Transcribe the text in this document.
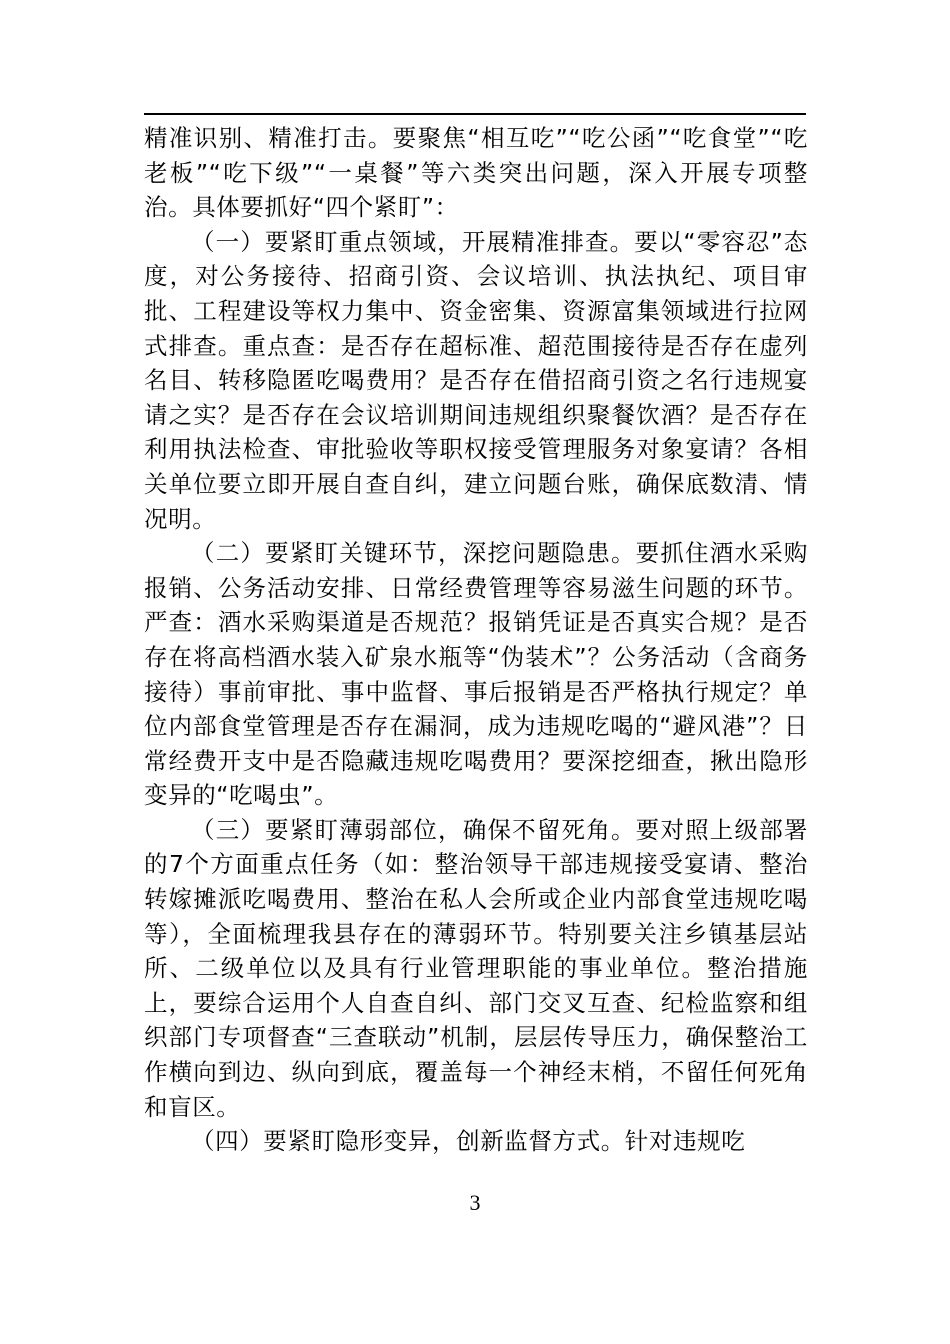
精准识别、精准打击。要聚焦“相互吃”“吃公函”“吃食堂”“吃老板”“吃下级”“一桌餐”等六类突出问题，深入开展专项整治。具体要抓好“四个紧盯”：

（一）要紧盯重点领域，开展精准排查。要以“零容忍”态度，对公务接待、招商引资、会议培训、执法执纪、项目审批、工程建设等权力集中、资金密集、资源富集领域进行拉网式排查。重点查：是否存在超标准、超范围接待是否存在虚列名目、转移隐匿吃喝费用？是否存在借招商引资之名行违规宴请之实？是否存在会议培训期间违规组织聚餐饮酒？是否存在利用执法检查、审批验收等职权接受管理服务对象宴请？各相关单位要立即开展自查自纠，建立问题台账，确保底数清、情况明。

（二）要紧盯关键环节，深挖问题隐患。要抓住酒水采购报销、公务活动安排、日常经费管理等容易滋生问题的环节。严查：酒水采购渠道是否规范？报销凭证是否真实合规？是否存在将高档酒水装入矿泉水瓶等“伪装术”？公务活动（含商务接待）事前审批、事中监督、事后报销是否严格执行规定？单位内部食堂管理是否存在漏洞，成为违规吃喝的“避风港”？日常经费开支中是否隐藏违规吃喝费用？要深挖细查，揪出隐形变异的“吃喝虫”。

（三）要紧盯薄弱部位，确保不留死角。要对照上级部署的7个方面重点任务（如：整治领导干部违规接受宴请、整治转嫁摊派吃喝费用、整治在私人会所或企业内部食堂违规吃喝等），全面梳理我县存在的薄弱环节。特别要关注乡镇基层站所、二级单位以及具有行业管理职能的事业单位。整治措施上，要综合运用个人自查自纠、部门交叉互查、纪检监察和组织部门专项督查“三查联动”机制，层层传导压力，确保整治工作横向到边、纵向到底，覆盖每一个神经末梢，不留任何死角和盲区。

（四）要紧盯隐形变异，创新监督方式。针对违规吃

3
